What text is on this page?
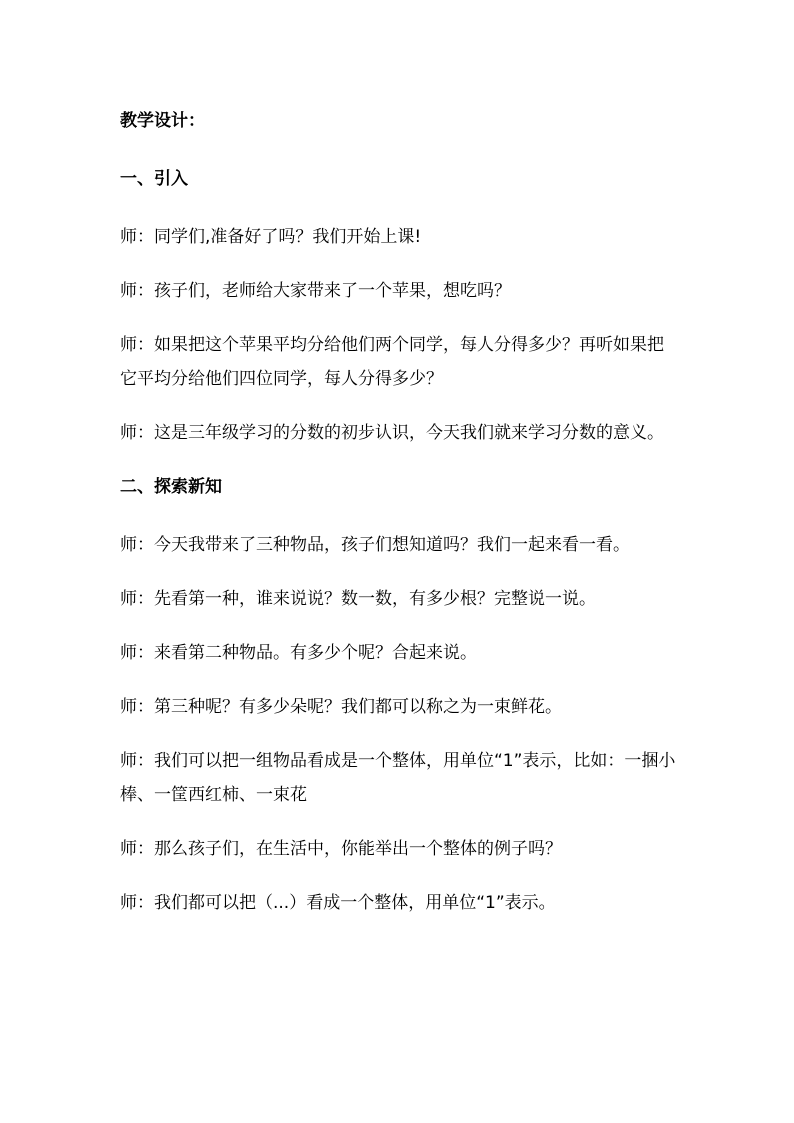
教学设计：

一、引入

师：同学们,准备好了吗？我们开始上课!

师：孩子们，老师给大家带来了一个苹果，想吃吗？

师：如果把这个苹果平均分给他们两个同学，每人分得多少？再听如果把它平均分给他们四位同学，每人分得多少？

师：这是三年级学习的分数的初步认识，今天我们就来学习分数的意义。

二、探索新知

师：今天我带来了三种物品，孩子们想知道吗？我们一起来看一看。

师：先看第一种，谁来说说？数一数，有多少根？完整说一说。

师：来看第二种物品。有多少个呢？合起来说。

师：第三种呢？有多少朵呢？我们都可以称之为一束鲜花。

师：我们可以把一组物品看成是一个整体，用单位“1”表示，比如：一捆小棒、一筐西红柿、一束花

师：那么孩子们，在生活中，你能举出一个整体的例子吗？

师：我们都可以把（...）看成一个整体，用单位“1”表示。
